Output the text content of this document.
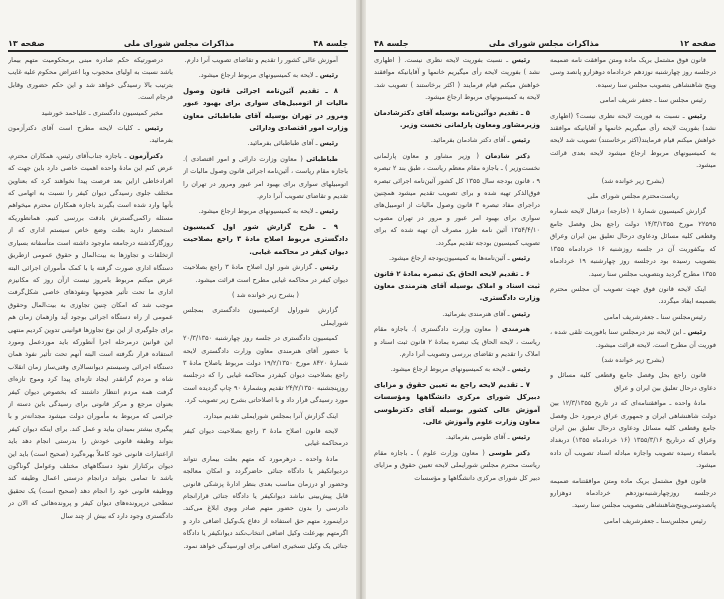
جلسه ۴۸
مذاکرات مجلس شورای ملی
صفحه ۱۳

آموزش عالی کشور را تقدیم و تقاضای تصویب آنرا دارم.

رئیس ـ لایحه به کمیسیونهای مربوط ارجاع میشود.

۸ ـ تقدیم آئین‌نامه اجرائی قانون وصول مالیات از اتومبیل‌های سواری برای بهبود عبور ومرور در تهران بوسیله آقای طباطبائی معاون وزارت امور اقتصادی ودارائی

رئیس ـ آقای طباطبائی بفرمائید.

طباطبائی ( معاون وزارت دارائی و امور اقتصادی ). باجازه مقام ریاست ، آئین‌نامه اجرائی قانون وصول مالیات از اتومبیلهای سواری برای بهبود امر عبور ومرور در تهران را تقدیم و تقاضای تصویب آنرا دارم.

رئیس ـ لایحه به کمیسیونهای مربوط ارجاع میشود.

۹ ـ طرح گزارش شور اول کمیسیون دادگستری مربوط اصلاح مادهٔ ۳ راجع بصلاحیت دیوان کیفر در محاکمه غیابی.

رئیس ـ گزارش شور اول اصلاح مادهٔ ۳ راجع بصلاحیت دیوان کیفر در محاکمه غیابی مطرح است قرائت میشود.

( بشرح زیر خوانده شد )

گزارش شوراول ازکمیسیون دادگستری بمجلس شورایملی

کمیسیون دادگستری در جلسه روز چهارشنبه ۲۰/۳/۱۳۵۰ با حضور آقای هنرمندی معاون وزارت دادگستری لایحه شمارهٔ ۸۴۲۰ مورخ ۱۹/۲/۱۳۵۰ دولت مربوط باصلاح مادهٔ ۳ راجع بصلاحیت دیوان کیفردر محاکمه غیابی را که درجلسه روزپنجشنبه ۲۴/۲/۱۳۵۰ تقدیم وبشمارهٔ ۹۰ چاپ گردیده است مورد رسیدگی قرار داد و با اصلاحاتی بشرح زیر تصویب کرد.

اینک گزارش آنرا بمجلس شورایملی تقدیم میدارد.

لایحه قانون اصلاح مادهٔ ۳ راجع بصلاحیت دیوان کیفر درمحاکمه غیابی

مادهٔ واحده ـ درهرمورد که متهم بعلت بیماری نتواند دردیوانکیفر یا دادگاه جنائی حاضرگردد و امکان معالجه وحضور او درزمان مناسب بعدی بنظر ادارهٔ پزشکی قانونی قابل پیش‌بینی نباشد دیوانکیفر یا دادگاه جنائی قرارانجام دادرسی را بدون حضور متهم صادر وبوی ابلاغ می‌کند. دراینمورد متهم حق استفاده از دفاع یک‌وکیل اضافی دارد و اگرمتهم بهرعلت وکیل اضافی انتخاب‌نکند دیوانکیفر یا دادگاه جنائی یک وکیل تسخیری اضافی برای اورسیدگی خواهد نمود.

درصورتیکه حکم صادره مبنی برمحکومیت متهم بیمار باشد نسبت به اولیای محجوب وبا اعتراض محکوم علیه غایب بترتیب بالا رسیدگی خواهد شد و این حکم حضوری وقابل فرجام است.

مخبر کمیسیون دادگستری ـ علیاحمد خورشید

رئیس ـ کلیات لایحه مطرح است آقای دکترآزمون بفرمائید.

دکترآزمون ـ باجازه جناب‌آقای رئیس، همکاران محترم، عرض کنم این مادهٔ واحده اهمیت خاصی دارد باین جهت که افرادخاطی ازاین بعد فرصت پیدا نخواهند کرد که بعناوین مختلف جلوی رسیدگی دیوان کیفر را نسبت به اتهامی که بآنها وارد شده است بگیرند باجازه همکاران محترم میخواهم مسئله راکمی‌گسترش بادقت بررسی کنیم. همانطوریکه استحضار دارید بعلت وضع خاص سیستم اداری که از روزگارگذشته درجامعه ماوجود داشته است متأسفانه بسیاری ازتخلفات و تجاوزها به بیت‌المال و حقوق عمومی ازطریق دستگاه اداری صورت گرفته یا با کمک مأموران اجرائی البته عرض میکنم مربوط بامروز نیست ازآن روز که مکانیزم اداری ما تحت تأثیر هجومها ونفوذهای خاصی شکل‌گرفت موجب شد که امکان چنین تجاوزی به بیت‌المال وحقوق عمومی از راه دستگاه اجرائی بوجود آید وازهمان زمان هم برای جلوگیری از این نوع تجاوزها قوانینی تدوین کردیم منتهی این قوانین درمرحله اجرا آنطورکه باید موردعمل ومورد استفاده قرار نگرفته است البته آنهم تحت تأثیر نفوذ همان دستگاه اجرائی وسیستم دیوانسالاری وقتی‌ساز زمان انقلاب شاه و مردم گرانقدر ایجاد تازه‌ای پیدا کرد وموج تازه‌ای گرفت همه مردم انتظار داشتند که بخصوص دیوان کیفر بعنوان مرجع و مرکز قانونی برای رسیدگی باین دسته از جرائمی که مربوط به مأموران دولت میشود مجدانه‌تر و با پیگیری بیشتر بمیدان بیاید و عمل کند. برای اینکه دیوان کیفر بتواند وظیفه قانونی خودش را بدرستی انجام دهد باید ازاعتبارات قانونی خود کاملاً بهره‌گیرد (صحیح است) باید این دیوان برکناراز نفوذ دستگاههای مختلف وعوامل گوناگون باشد تا تمامی بتواند درانجام درستی اعمال وظیفه کند ووظیفه قانونی خود را انجام دهد (صحیح است) یک تحقیق سطحی درپرونده‌های دیوان کیفر و پرونده‌هائی که الان در دادگستری وجود دارد که بیش از چند سال

صفحه ۱۲
مذاکرات مجلس شورای ملی
جلسه ۴۸

قانون فوق مشتمل بریک ماده ومتن موافقت نامه ضمیمه درجلسه روز چهارشنبه نوزدهم خردادماه دوهزارو پانصد وسی وپنج شاهنشاهی بتصویب مجلس سنا رسیده.

رئیس مجلس سنا ـ جعفر شریف امامی

رئیس ـ نسبت به فوریت لایحه نظری نیست؟ (اظهاری نشد) بفوریت لایحه رأی میگیریم خانمها و آقایانیکه موافقند خواهش میکنم قیام فرمایند(اکثر برخاستند) تصویب شد لایحه به کمیسیونهای مربوط ارجاع میشود لایحه بعدی قرائت میشود.

(بشرح زیر خوانده شد)

ریاست‌محترم مجلس شورای ملی

گزارش کمیسیون شمارهٔ ۱ (خارجه) درقبال لایحه شماره ۲۲۵۹۵ مورخ ۱۴/۳/۱۳۵۵ دولت راجع بحل وفصل جامع وقطعی کلیه مسائل ودعاوی درحال تعلیق بین ایران وعراق که بیکفوریت آن در جلسه روزشنبه ۱۶ خردادماه ۱۳۵۵ بتصویب رسیده بود درجلسه روز چهارشنبه ۱۹ خردادماه ۱۳۵۵ مطرح گردید وبتصویب مجلس سنا رسید.

اینک لایحه قانون فوق جهت تصویب آن مجلس محترم بضمیمه ایفاد میگردد.

رئیس‌مجلس سنا ـ جعفرشریف امامی

رئیس ـ این لایحه نیز درمجلس سنا بافوریت تلقی شده ، فوریت آن مطرح است. لایحه قرائت میشود.

(بشرح زیر خوانده شد)

قانون راجع بحل وفصل جامع وقطعی کلیه مسائل و دعاوی درحال تعلیق بین ایران و عراق

مادهٔ واحده ـ موافقتنامه‌ای که در تاریخ ۱۲/۳/۱۳۵۵ بین دولت شاهنشاهی ایران و جمهوری عراق درمورد حل وفصل جامع وقطعی کلیه مسائل ودعاوی درحال تعلیق بین ایران وعراق که درتاریخ ۱۳۵۵/۳/۱۶ (۱۶ خردادماه ۱۳۵۵) دربغداد بامضاء رسیده تصویب واجازه مبادله اسناد تصویب آن داده میشود.

قانون فوق مشتمل بریک ماده ومتن موافقتنامه ضمیمه درجلسه روزچهارشنبه‌نوزدهم خردادماه دوهزارو پانصدوسی‌وپنج‌شاهنشاهی بتصویب مجلس سنا رسید.

رئیس مجلس‌سنا ـ جعفرشریف امامی

رئیس ـ نسبت بفوریت لایحه نظری نیست. ( اظهاری نشد ) بفوریت لایحه رأی میگیریم خانمها و آقایانیکه موافقند خواهش میکنم قیام فرمایند ( اکثر برخاستند ) تصویب شد. لایحه به کمیسیونهای مربوط ارجاع میشود.

۵ ـ تقدیم دوآئین‌نامه بوسیله آقای دکترشادمان وزیرمشاور ومعاون پارلمانی نخست وزیر.

رئیس ـ آقای دکتر شادمان بفرمائید.

دکتر شادمان ( وزیر مشاور و معاون پارلمانی نخست‌وزیر ) ـ باجازه مقام معظم ریاست ، طبق بند ۲ تبصره ۹ ، قانون بودجه سال ۱۳۵۵ کل کشور آئین‌نامه اجرائی تبصره فوق‌الذکر تهیه شده و برای تصویب تقدیم میشود همچنین دراجرای مفاد تبصره ۳ قانون وصول مالیات از اتومبیل‌های سواری برای بهبود امر عبور و مرور در تهران مصوب ۱۳۵۴/۴/۱۰ آئین نامه طرز مصرف آن تهیه شده که برای تصویب کمیسیون بودجه تقدیم میگردد.

رئیس ـ آئین‌نامه‌ها به کمیسیون‌بودجه ارجاع میشود.

۶ ـ تقدیم لایحه الحاق یک تبصره بمادهٔ ۲ قانون ثبت اسناد و املاک بوسیله آقای هنرمندی معاون وزارت دادگستری.

رئیس ـ آقای هنرمندی بفرمائید.

هنرمندی ( معاون وزارت دادگستری ). باجازه مقام ریاست ، لایحه الحاق یک تبصره بمادهٔ ۲ قانون ثبت اسناد و املاک را تقدیم و تقاضای بررسی وتصویب آنرا دارم.

رئیس ـ لایحه به کمیسیونهای مربوط ارجاع میشود.

۷ ـ تقدیم لایحه راجع به تعیین حقوق و مزایای دبیرکل شورای مرکزی دانشگاهها ومؤسسات آموزش عالی کشور بوسیله آقای دکترطوسی معاون وزارت علوم وآموزش عالی.

رئیس ـ آقای طوسی بفرمائید.

دکتر طوسی ( معاون وزارت علوم ) ـ باجازه مقام ریاست محترم مجلس شورایملی لایحه تعیین حقوق و مزایای دبیر کل شورای مرکزی دانشگاهها و مؤسسات
